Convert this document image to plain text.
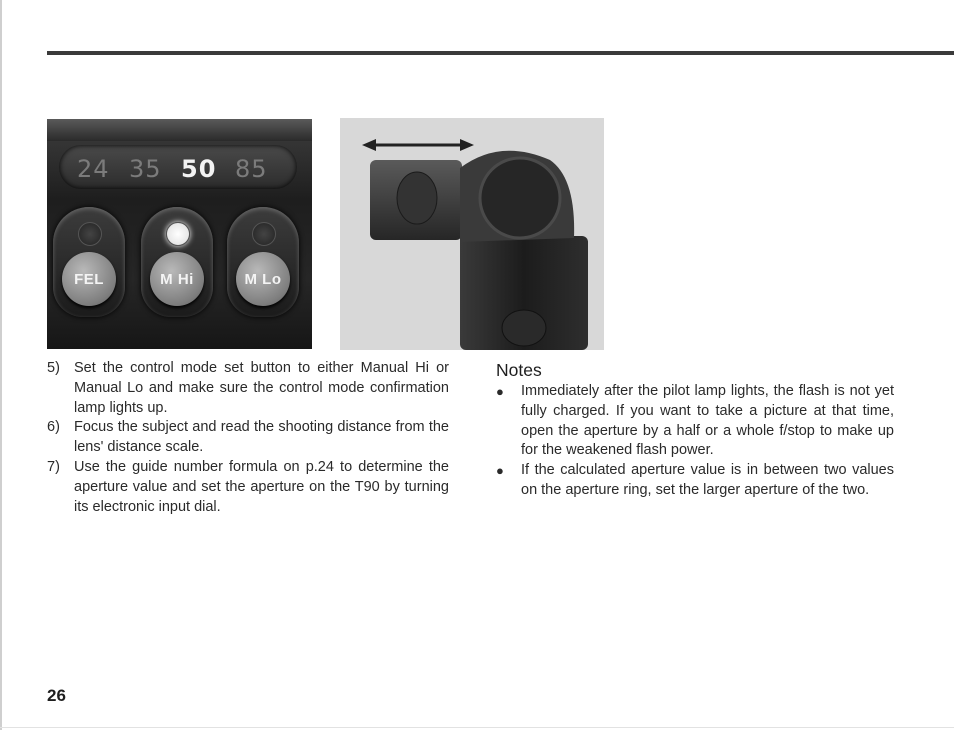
24 35 50 85
FEL	M Hi	M Lo
5) Set the control mode set button to either Manual Hi or Manual Lo and make sure the control mode confirmation lamp lights up.
6) Focus the subject and read the shooting distance from the lens' distance scale.
7) Use the guide number formula on p.24 to determine the aperture value and set the aperture on the T90 by turning its electronic input dial.
Notes
●	Immediately after the pilot lamp lights, the flash is not yet fully charged. If you want to take a picture at that time, open the aperture by a half or a whole f/stop to make up for the weakened flash power.
●	If the calculated aperture value is in between two values on the aperture ring, set the larger aperture of the two.
26
